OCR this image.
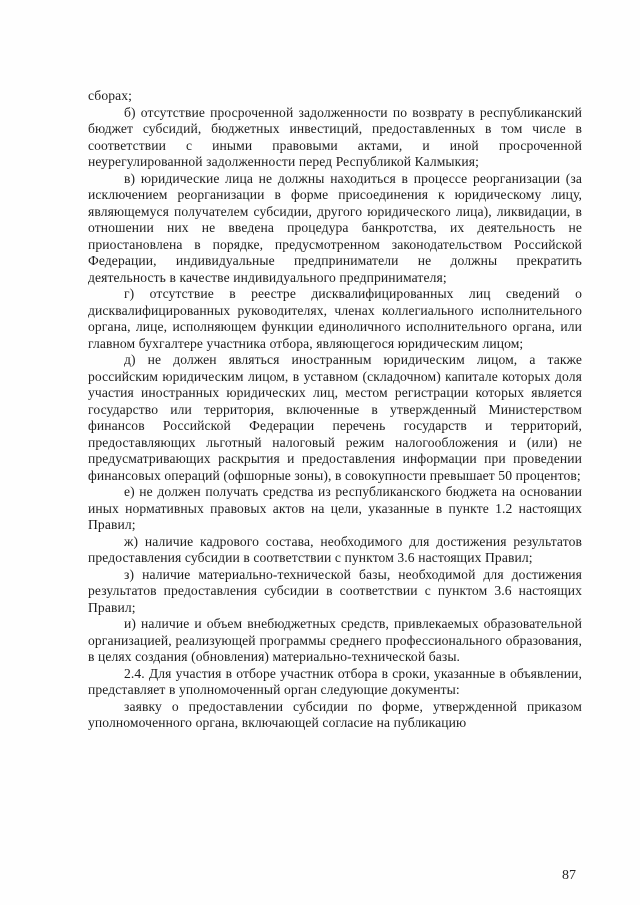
сборах;

б) отсутствие просроченной задолженности по возврату в республиканский бюджет субсидий, бюджетных инвестиций, предоставленных в том числе в соответствии с иными правовыми актами, и иной просроченной неурегулированной задолженности перед Республикой Калмыкия;

в) юридические лица не должны находиться в процессе реорганизации (за исключением реорганизации в форме присоединения к юридическому лицу, являющемуся получателем субсидии, другого юридического лица), ликвидации, в отношении них не введена процедура банкротства, их деятельность не приостановлена в порядке, предусмотренном законодательством Российской Федерации, индивидуальные предприниматели не должны прекратить деятельность в качестве индивидуального предпринимателя;

г) отсутствие в реестре дисквалифицированных лиц сведений о дисквалифицированных руководителях, членах коллегиального исполнительного органа, лице, исполняющем функции единоличного исполнительного органа, или главном бухгалтере участника отбора, являющегося юридическим лицом;

д) не должен являться иностранным юридическим лицом, а также российским юридическим лицом, в уставном (складочном) капитале которых доля участия иностранных юридических лиц, местом регистрации которых является государство или территория, включенные в утвержденный Министерством финансов Российской Федерации перечень государств и территорий, предоставляющих льготный налоговый режим налогообложения и (или) не предусматривающих раскрытия и предоставления информации при проведении финансовых операций (офшорные зоны), в совокупности превышает 50 процентов;

е) не должен получать средства из республиканского бюджета на основании иных нормативных правовых актов на цели, указанные в пункте 1.2 настоящих Правил;

ж) наличие кадрового состава, необходимого для достижения результатов предоставления субсидии в соответствии с пунктом 3.6 настоящих Правил;

з) наличие материально-технической базы, необходимой для достижения результатов предоставления субсидии в соответствии с пунктом 3.6 настоящих Правил;

и) наличие и объем внебюджетных средств, привлекаемых образовательной организацией, реализующей программы среднего профессионального образования, в целях создания (обновления) материально-технической базы.

2.4. Для участия в отборе участник отбора в сроки, указанные в объявлении, представляет в уполномоченный орган следующие документы:

заявку о предоставлении субсидии по форме, утвержденной приказом уполномоченного органа, включающей согласие на публикацию

87
